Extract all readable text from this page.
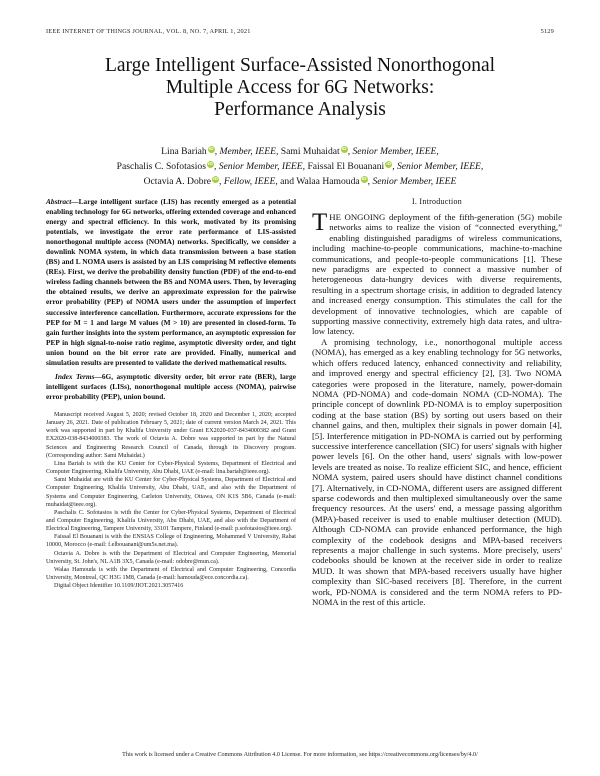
IEEE INTERNET OF THINGS JOURNAL, VOL. 8, NO. 7, APRIL 1, 2021	5129
Large Intelligent Surface-Assisted Nonorthogonal
Multiple Access for 6G Networks:
Performance Analysis
Lina Bariah iD, Member, IEEE, Sami Muhaidat iD, Senior Member, IEEE,
Paschalis C. Sofotasios iD, Senior Member, IEEE, Faissal El Bouanani iD, Senior Member, IEEE,
Octavia A. Dobre iD, Fellow, IEEE, and Walaa Hamouda iD, Senior Member, IEEE
Abstract—Large intelligent surface (LIS) has recently emerged as a potential enabling technology for 6G networks, offering extended coverage and enhanced energy and spectral efficiency. In this work, motivated by its promising potentials, we investigate the error rate performance of LIS-assisted nonorthogonal multiple access (NOMA) networks. Specifically, we consider a downlink NOMA system, in which data transmission between a base station (BS) and L NOMA users is assisted by an LIS comprising M reflective elements (REs). First, we derive the probability density function (PDF) of the end-to-end wireless fading channels between the BS and NOMA users. Then, by leveraging the obtained results, we derive an approximate expression for the pairwise error probability (PEP) of NOMA users under the assumption of imperfect successive interference cancellation. Furthermore, accurate expressions for the PEP for M = 1 and large M values (M > 10) are presented in closed-form. To gain further insights into the system performance, an asymptotic expression for PEP in high signal-to-noise ratio regime, asymptotic diversity order, and tight union bound on the bit error rate are provided. Finally, numerical and simulation results are presented to validate the derived mathematical results.
Index Terms—6G, asymptotic diversity order, bit error rate (BER), large intelligent surfaces (LISs), nonorthogonal multiple access (NOMA), pairwise error probability (PEP), union bound.

Manuscript received August 5, 2020; revised October 18, 2020 and December 1, 2020; accepted January 26, 2021. Date of publication February 5, 2021; date of current version March 24, 2021. This work was supported in part by Khalifa University under Grant EX2020-037-8434000382 and Grant EX2020-038-8434000383. The work of Octavia A. Dobre was supported in part by the Natural Sciences and Engineering Research Council of Canada, through its Discovery program. (Corresponding author: Sami Muhaidat.)

Lina Bariah is with the KU Center for Cyber-Physical Systems, Department of Electrical and Computer Engineering, Khalifa University, Abu Dhabi, UAE (e-mail: lina.bariah@ieee.org).

Sami Muhaidat are with the KU Center for Cyber-Physical Systems, Department of Electrical and Computer Engineering, Khalifa University, Abu Dhabi, UAE, and also with the Department of Systems and Computer Engineering, Carleton University, Ottawa, ON K1S 5B6, Canada (e-mail: muhaidat@ieee.org).

Paschalis C. Sofotasios is with the Center for Cyber-Physical Systems, Department of Electrical and Computer Engineering, Khalifa University, Abu Dhabi, UAE, and also with the Department of Electrical Engineering, Tampere University, 33101 Tampere, Finland (e-mail: p.sofotasios@ieee.org).

Faissal El Bouanani is with the ENSIAS College of Engineering, Mohammed V University, Rabat 10000, Morocco (e-mail: f.elbouanani@um5s.net.ma).

Octavia A. Dobre is with the Department of Electrical and Computer Engineering, Memorial University, St. John's, NL A1B 3X5, Canada (e-mail: odobre@mun.ca).

Walaa Hamouda is with the Department of Electrical and Computer Engineering, Concordia University, Montreal, QC H3G 1M8, Canada (e-mail: hamouda@ece.concordia.ca).

Digital Object Identifier 10.1109/JIOT.2021.3057416

I. Introduction

THE ONGOING deployment of the fifth-generation (5G) mobile networks aims to realize the vision of “connected everything,” enabling distinguished paradigms of wireless communications, including machine-to-people communications, machine-to-machine communications, and people-to-people communications [1]. These new paradigms are expected to connect a massive number of heterogeneous data-hungry devices with diverse requirements, resulting in a spectrum shortage crisis, in addition to degraded latency and increased energy consumption. This stimulates the call for the development of innovative technologies, which are capable of supporting massive connectivity, extremely high data rates, and ultra-low latency.

A promising technology, i.e., nonorthogonal multiple access (NOMA), has emerged as a key enabling technology for 5G networks, which offers reduced latency, enhanced connectivity and reliability, and improved energy and spectral efficiency [2], [3]. Two NOMA categories were proposed in the literature, namely, power-domain NOMA (PD-NOMA) and code-domain NOMA (CD-NOMA). The principle concept of downlink PD-NOMA is to employ superposition coding at the base station (BS) by sorting out users based on their channel gains, and then, multiplex their signals in power domain [4], [5]. Interference mitigation in PD-NOMA is carried out by performing successive interference cancellation (SIC) for users' signals with higher power levels [6]. On the other hand, users' signals with low-power levels are treated as noise. To realize efficient SIC, and hence, efficient NOMA system, paired users should have distinct channel conditions [7]. Alternatively, in CD-NOMA, different users are assigned different sparse codewords and then multiplexed simultaneously over the same frequency resources. At the users' end, a message passing algorithm (MPA)-based receiver is used to enable multiuser detection (MUD). Although CD-NOMA can provide enhanced performance, the high complexity of the codebook designs and MPA-based receivers represents a major challenge in such systems. More precisely, users' codebooks should be known at the receiver side in order to realize MUD. It was shown that MPA-based receivers usually have higher complexity than SIC-based receivers [8]. Therefore, in the current work, PD-NOMA is considered and the term NOMA refers to PD-NOMA in the rest of this article.

This work is licensed under a Creative Commons Attribution 4.0 License. For more information, see https://creativecommons.org/licenses/by/4.0/
